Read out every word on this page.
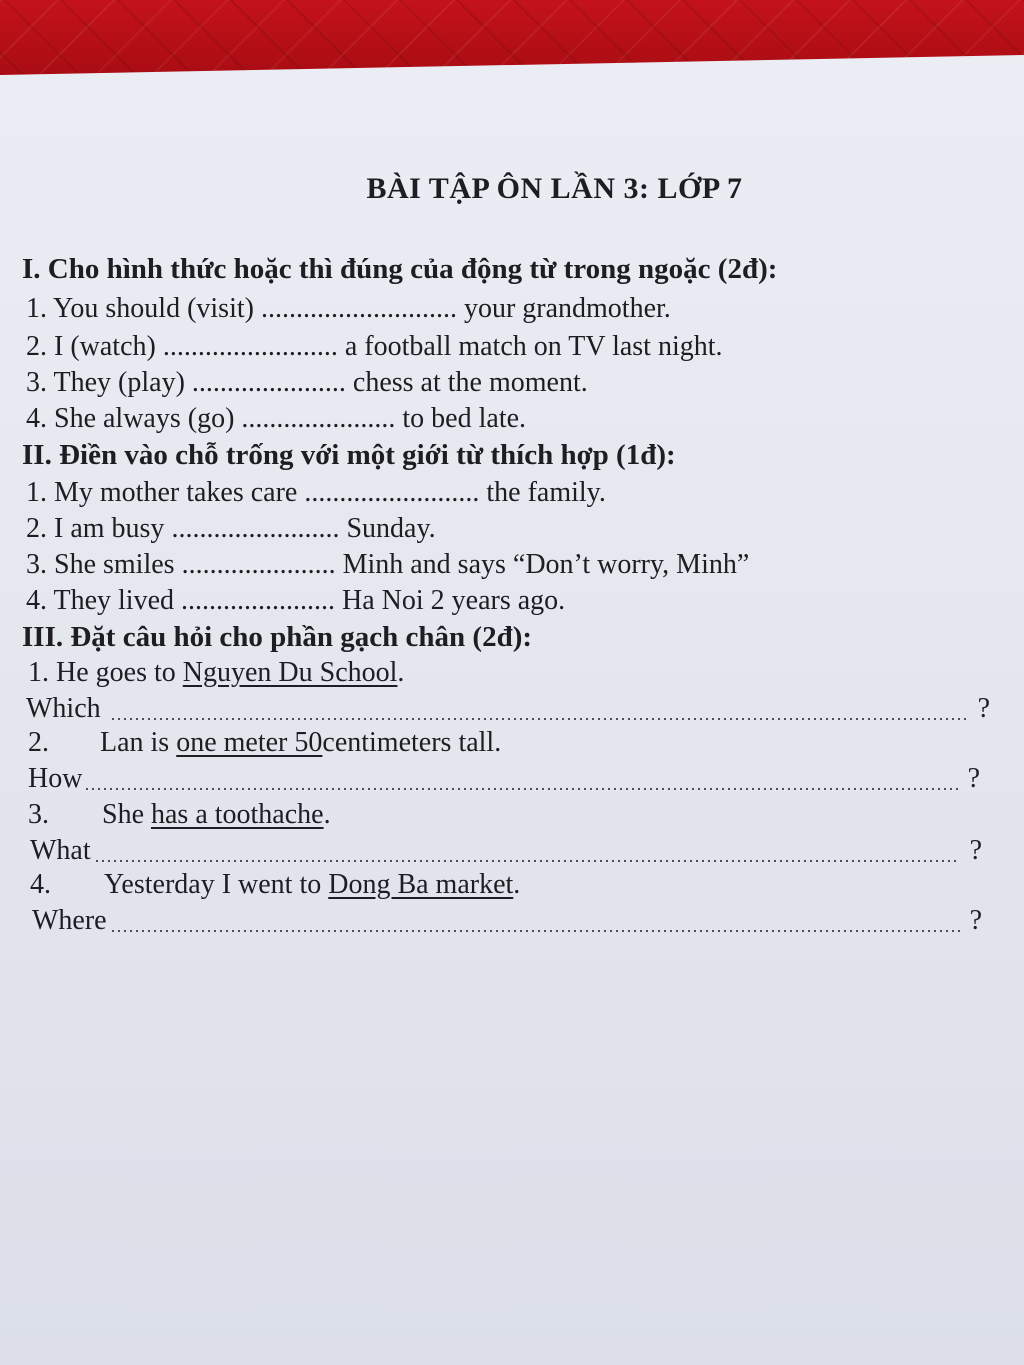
BÀI TẬP ÔN LẦN 3: LỚP 7
I. Cho hình thức hoặc thì đúng của động từ trong ngoặc (2đ):
1. You should (visit) ............................ your grandmother.
2. I (watch) ......................... a football match on TV last night.
3. They (play) ...................... chess at the moment.
4. She always (go) ...................... to bed late.
II. Điền vào chỗ trống với một giới từ thích hợp (1đ):
1. My mother takes care ......................... the family.
2. I am busy ........................ Sunday.
3. She smiles ...................... Minh and says “Don’t worry, Minh”
4. They lived ...................... Ha Noi 2 years ago.
III. Đặt câu hỏi cho phần gạch chân (2đ):
1. He goes to Nguyen Du School.
Which	?
2. Lan is one meter 50centimeters tall.
How	?
3. She has a toothache.
What	?
4. Yesterday I went to Dong Ba market.
Where	?
